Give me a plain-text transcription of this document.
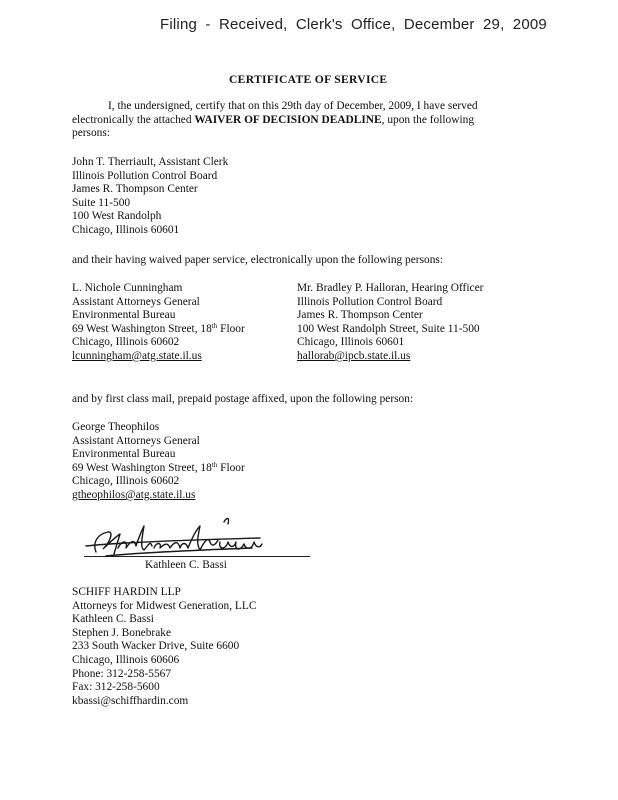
Filing - Received, Clerk's Office, December 29, 2009
CERTIFICATE OF SERVICE
I, the undersigned, certify that on this 29th day of December, 2009, I have served
electronically the attached WAIVER OF DECISION DEADLINE, upon the following
persons:
John T. Therriault, Assistant Clerk
Illinois Pollution Control Board
James R. Thompson Center
Suite 11-500
100 West Randolph
Chicago, Illinois 60601
and their having waived paper service, electronically upon the following persons:
L. Nichole Cunningham
Assistant Attorneys General
Environmental Bureau
69 West Washington Street, 18th Floor
Chicago, Illinois 60602
lcunningham@atg.state.il.us
Mr. Bradley P. Halloran, Hearing Officer
Illinois Pollution Control Board
James R. Thompson Center
100 West Randolph Street, Suite 11-500
Chicago, Illinois 60601
hallorab@ipcb.state.il.us
and by first class mail, prepaid postage affixed, upon the following person:
George Theophilos
Assistant Attorneys General
Environmental Bureau
69 West Washington Street, 18th Floor
Chicago, Illinois 60602
gtheophilos@atg.state.il.us
Kathleen C. Bassi
SCHIFF HARDIN LLP
Attorneys for Midwest Generation, LLC
Kathleen C. Bassi
Stephen J. Bonebrake
233 South Wacker Drive, Suite 6600
Chicago, Illinois 60606
Phone: 312-258-5567
Fax: 312-258-5600
kbassi@schiffhardin.com
